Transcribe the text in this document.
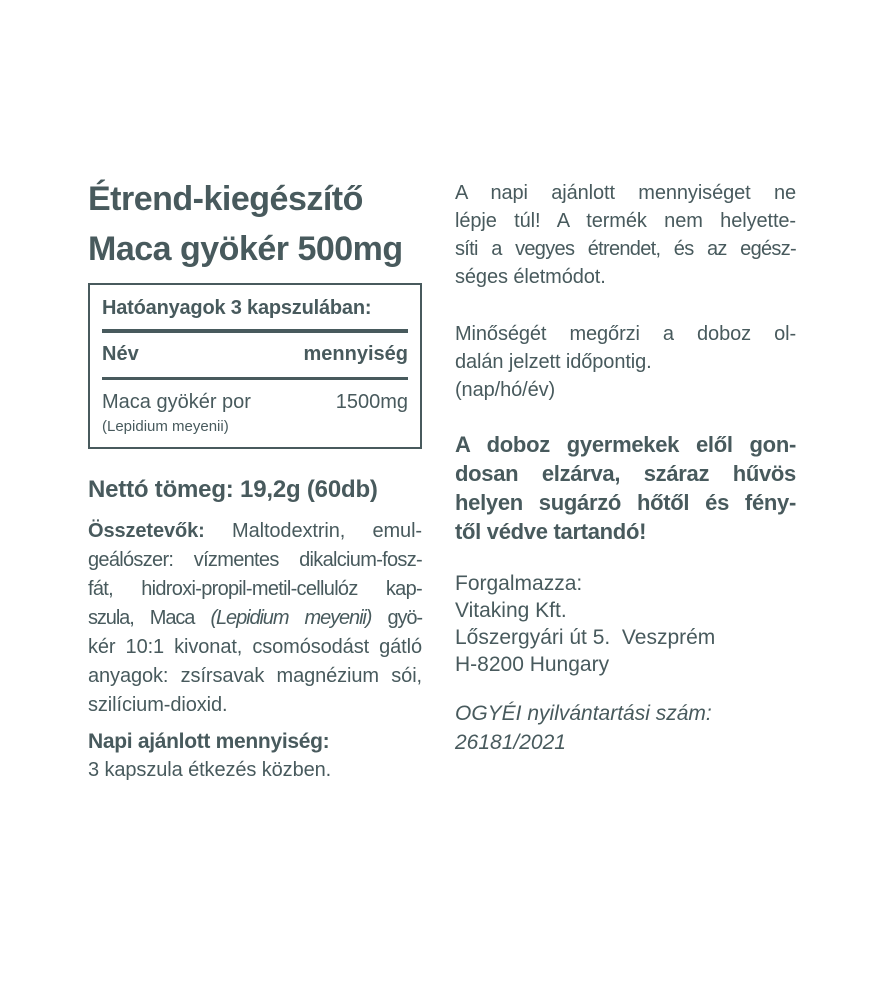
Étrend-kiegészítő
Maca gyökér 500mg
Hatóanyagok 3 kapszulában:
Név	mennyiség
Maca gyökér por	1500mg
(Lepidium meyenii)
Nettó tömeg: 19,2g (60db)
Összetevők: Maltodextrin, emul-
geálószer: vízmentes dikalcium-fosz-
fát, hidroxi-propil-metil-cellulóz kap-
szula, Maca (Lepidium meyenii) gyö-
kér 10:1 kivonat, csomósodást gátló
anyagok: zsírsavak magnézium sói,
szilícium-dioxid.
Napi ajánlott mennyiség:
3 kapszula étkezés közben.
A napi ajánlott mennyiséget ne
lépje túl! A termék nem helyette-
síti a vegyes étrendet, és az egész-
séges életmódot.
Minőségét megőrzi a doboz ol-
dalán jelzett időpontig.
(nap/hó/év)
A doboz gyermekek elől gon-
dosan elzárva, száraz hűvös
helyen sugárzó hőtől és fény-
től védve tartandó!
Forgalmazza:
Vitaking Kft.
Lőszergyári út 5.  Veszprém
H-8200 Hungary
OGYÉI nyilvántartási szám:
26181/2021
